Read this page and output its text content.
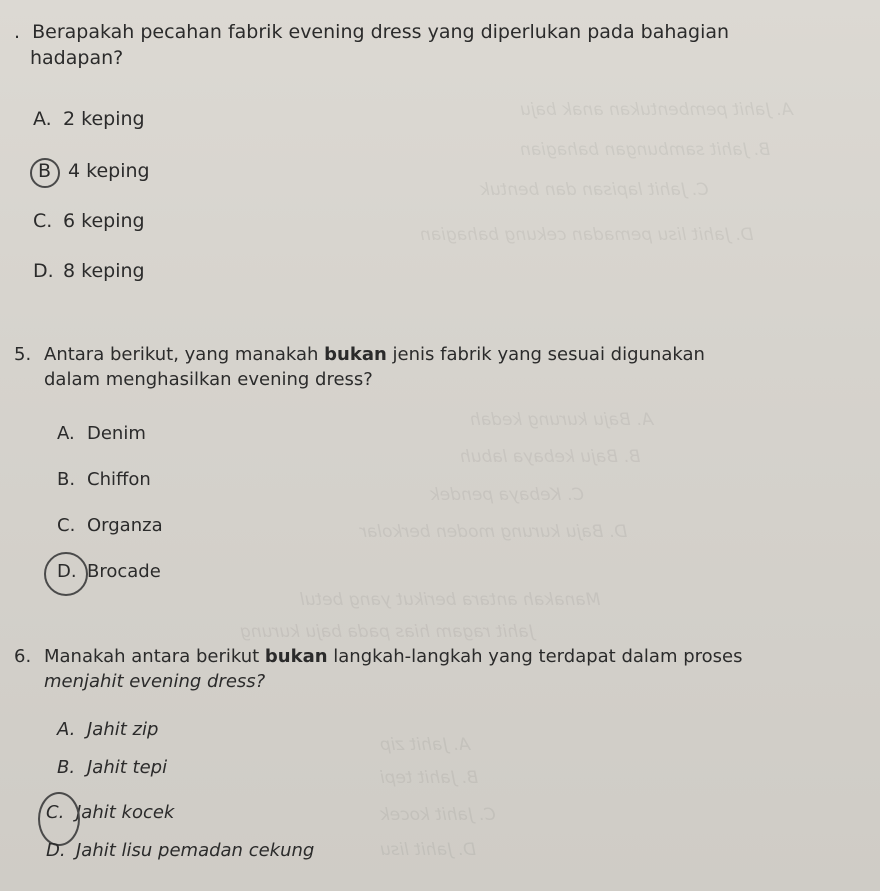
A. Jahit pembentukan anak baju
B. Jahit sambungan bahagian
C. Jahit lapisan dan bentuk
D. Jahit lisu pemadan cekung bahagian
A. Baju kurung kedah
B. Baju kebaya labuh
C. Kebaya pendek
D. Baju kurung moden berkolar
Manakah antara berikut yang betul
Jahit ragam hias pada baju kurung
A. Jahit zip
B. Jahit tepi
C. Jahit kocek
D. Jahit lisu
. Berapakah pecahan fabrik evening dress yang diperlukan pada bahagian
hadapan?
A. 2 keping
B 4 keping
C. 6 keping
D. 8 keping
5. Antara berikut, yang manakah bukan jenis fabrik yang sesuai digunakan
dalam menghasilkan evening dress?
A. Denim
B. Chiffon
C. Organza
D. Brocade
6. Manakah antara berikut bukan langkah-langkah yang terdapat dalam proses
menjahit evening dress?
A. Jahit zip
B. Jahit tepi
C. Jahit kocek
D. Jahit lisu pemadan cekung
